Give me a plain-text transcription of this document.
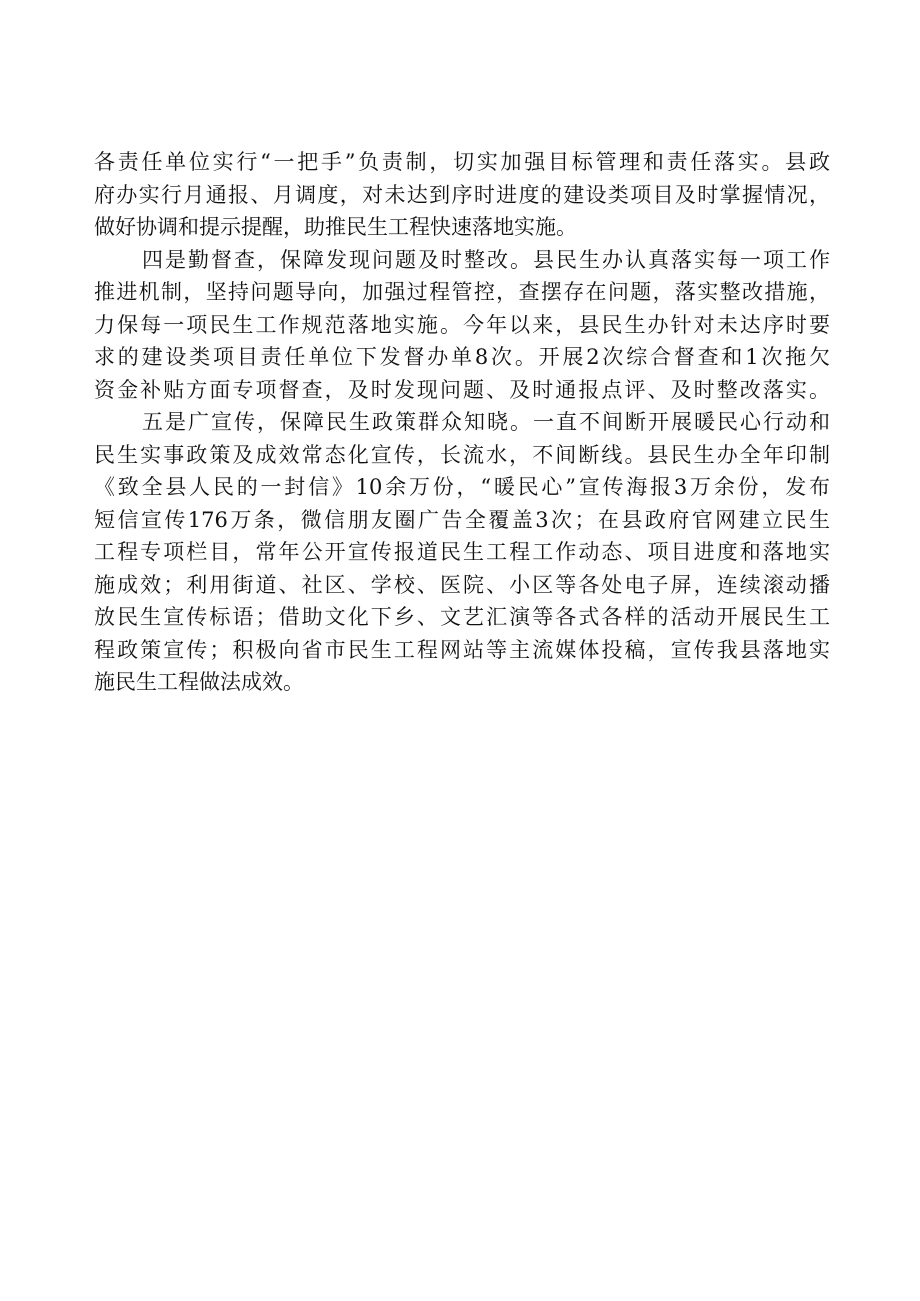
各责任单位实行“一把手”负责制，切实加强目标管理和责任落实。县政
府办实行月通报、月调度，对未达到序时进度的建设类项目及时掌握情况，
做好协调和提示提醒，助推民生工程快速落地实施。
四是勤督查，保障发现问题及时整改。县民生办认真落实每一项工作
推进机制，坚持问题导向，加强过程管控，查摆存在问题，落实整改措施，
力保每一项民生工作规范落地实施。今年以来，县民生办针对未达序时要
求的建设类项目责任单位下发督办单8次。开展2次综合督查和1次拖欠
资金补贴方面专项督查，及时发现问题、及时通报点评、及时整改落实。
五是广宣传，保障民生政策群众知晓。一直不间断开展暖民心行动和
民生实事政策及成效常态化宣传，长流水，不间断线。县民生办全年印制
《致全县人民的一封信》10余万份，“暖民心”宣传海报3万余份，发布
短信宣传176万条，微信朋友圈广告全覆盖3次；在县政府官网建立民生
工程专项栏目，常年公开宣传报道民生工程工作动态、项目进度和落地实
施成效；利用街道、社区、学校、医院、小区等各处电子屏，连续滚动播
放民生宣传标语；借助文化下乡、文艺汇演等各式各样的活动开展民生工
程政策宣传；积极向省市民生工程网站等主流媒体投稿，宣传我县落地实
施民生工程做法成效。
